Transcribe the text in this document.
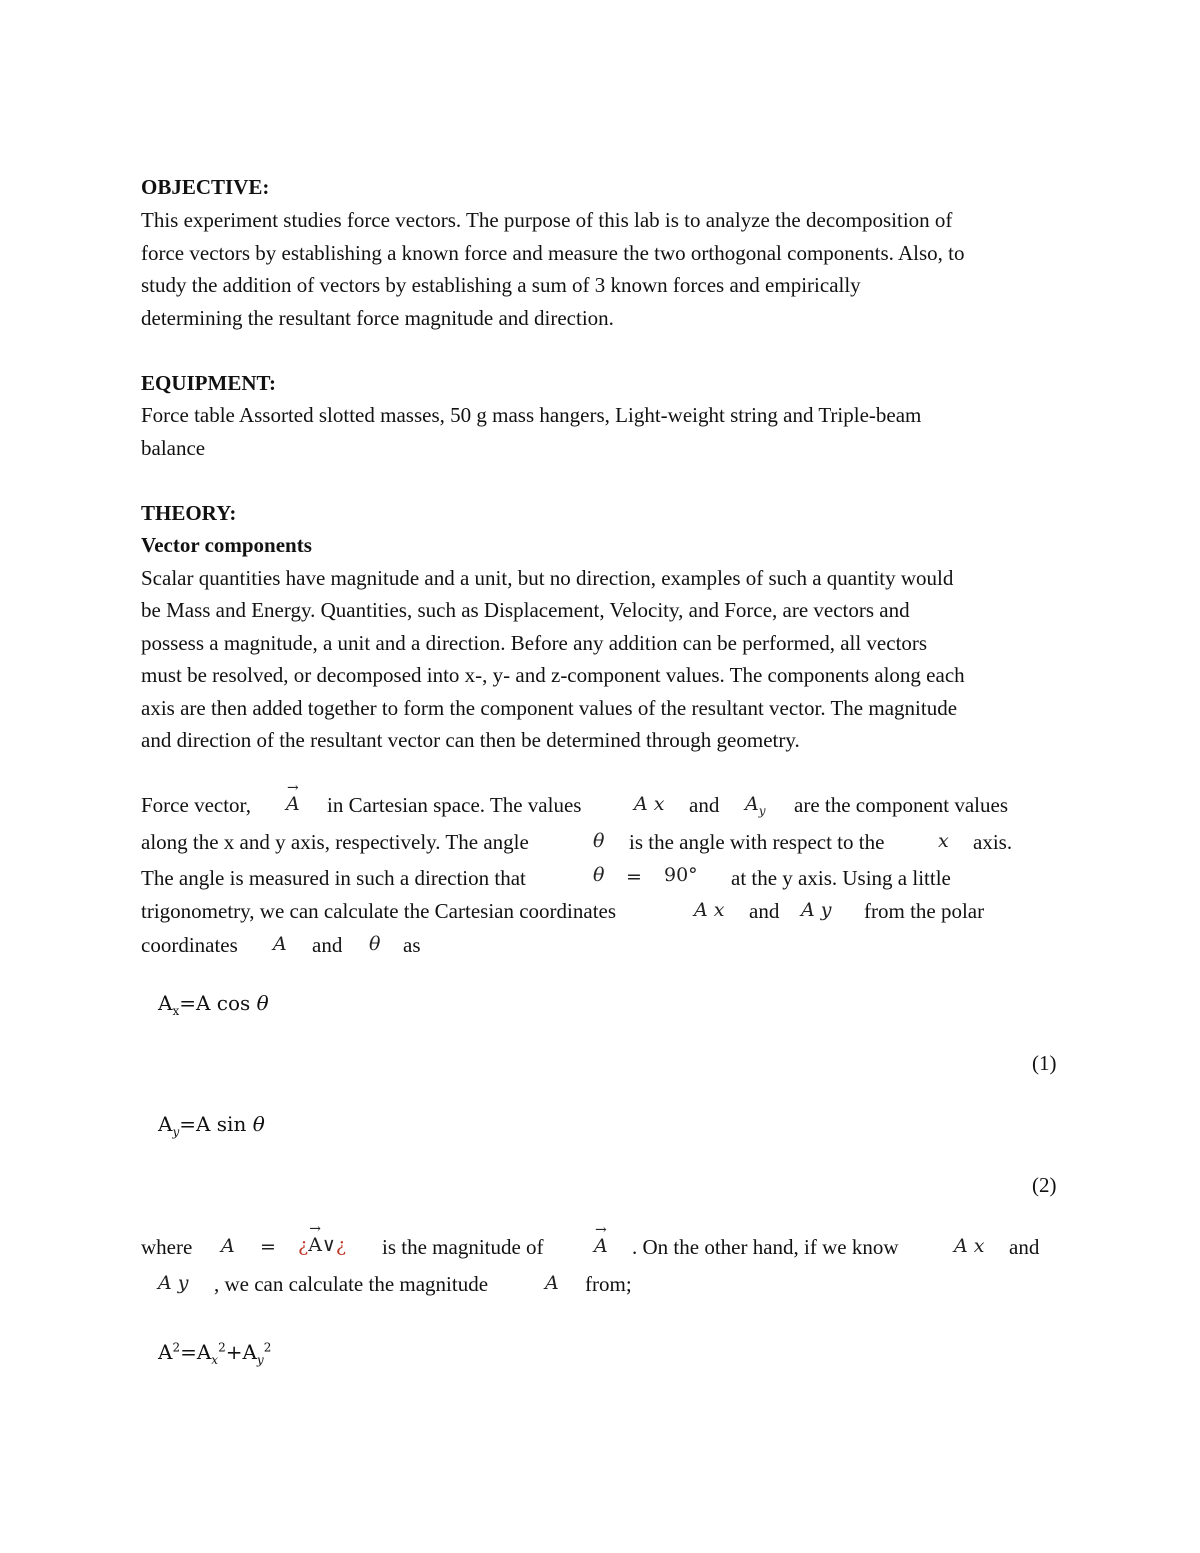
OBJECTIVE:
This experiment studies force vectors. The purpose of this lab is to analyze the decomposition of
force vectors by establishing a known force and measure the two orthogonal components. Also, to
study the addition of vectors by establishing a sum of 3 known forces and empirically
determining the resultant force magnitude and direction.
EQUIPMENT:
Force table Assorted slotted masses, 50 g mass hangers, Light-weight string and Triple-beam
balance
THEORY:
Vector components
Scalar quantities have magnitude and a unit, but no direction, examples of such a quantity would
be Mass and Energy. Quantities, such as Displacement, Velocity, and Force, are vectors and
possess a magnitude, a unit and a direction. Before any addition can be performed, all vectors
must be resolved, or decomposed into x-, y- and z-component values. The components along each
axis are then added together to form the component values of the resultant vector. The magnitude
and direction of the resultant vector can then be determined through geometry.
Force vector,
→
A in Cartesian space. The values	A x and $A_y$ are the component values
along the x and y axis, respectively. The angle	θ is the angle with respect to the	x axis.
The angle is measured in such a direction that	θ = 90° at the y axis. Using a little
trigonometry, we can calculate the Cartesian coordinates	A x and A y from the polar
coordinates A and θ as
$A_x=A$ cos θ
(1)
$A_y=A$ sin θ
(2)
where A = ¿
→
A∨¿ is the magnitude of
→
A . On the other hand, if we know	A x and
A y , we can calculate the magnitude	A from;
$A^2=A_x^2+A_y^2$
